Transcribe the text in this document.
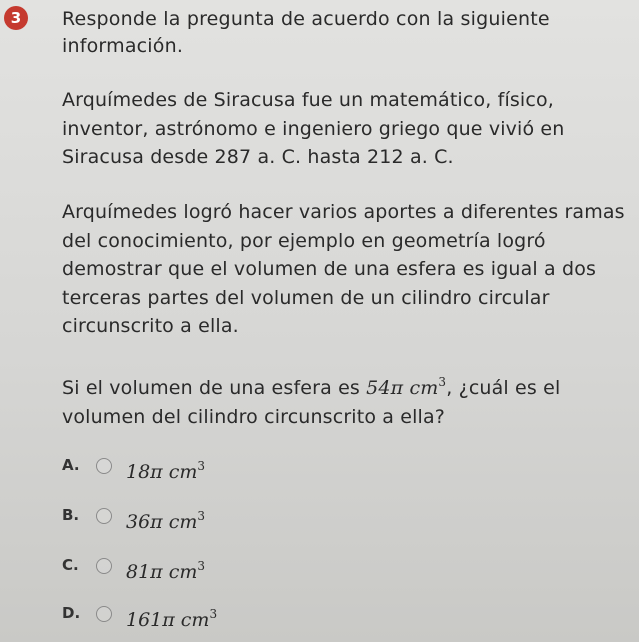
3	Responde la pregunta de acuerdo con la siguiente información.
Arquímedes de Siracusa fue un matemático, físico, inventor, astrónomo e ingeniero griego que vivió en Siracusa desde 287 a. C. hasta 212 a. C.
Arquímedes logró hacer varios aportes a diferentes ramas del conocimiento, por ejemplo en geometría logró demostrar que el volumen de una esfera es igual a dos terceras partes del volumen de un cilindro circular circunscrito a ella.
Si el volumen de una esfera es 54π $cm^3$, ¿cuál es el volumen del cilindro circunscrito a ella?
A. 18π $cm^3$
B. 36π $cm^3$
C. 81π $cm^3$
D. 161π $cm^3$
